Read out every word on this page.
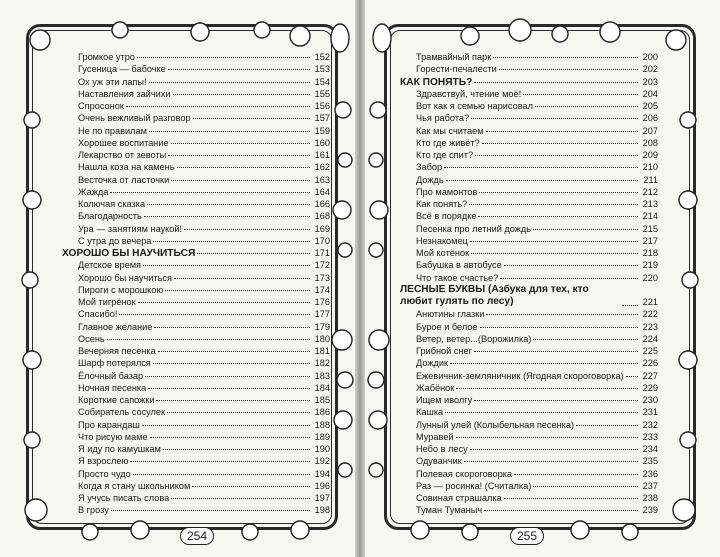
Громкое утро	152
Гусеница — бабочке	153
Ох уж эти лапы!	154
Наставления зайчихи	155
Спросонок	156
Очень вежливый разговор	157
Не по правилам	159
Хорошее воспитание	160
Лекарство от зевоты	161
Нашла коза на камень	162
Весточка от ласточки	163
Жажда	164
Колючая сказка	166
Благодарность	168
Ура — занятиям наукой!	169
С утра до вечера	170
ХОРОШО БЫ НАУЧИТЬСЯ	171
Детское время	172
Хорошо бы научиться	173
Пироги с морошкою	174
Мой тигрёнок	176
Спасибо!	177
Главное желание	179
Осень	180
Вечерняя песенка	181
Шарф потерялся	182
Ёлочный базар	183
Ночная песенка	184
Короткие сапожки	185
Собиратель сосулек	186
Про карандаш	188
Что рисую маме	189
Я иду по камушкам	190
Я взрослею	192
Просто чудо	194
Когда я стану школьником	196
Я учусь писать слова	197
В грозу	198
Трамвайный парк	200
Горести-печалести	202
КАК ПОНЯТЬ?	203
Здравствуй, чтение моё!	204
Вот как я семью нарисовал	205
Чья работа?	206
Как мы считаем	207
Кто где живёт?	208
Кто где спит?	209
Забор	210
Дождь	211
Про мамонтов	212
Как понять?	213
Всё в порядке	214
Песенка про летний дождь	215
Незнакомец	217
Мой котёнок	218
Бабушка в автобусе	219
Что такое счастье?	220
ЛЕСНЫЕ БУКВЫ (Азбука для тех, кто любит гулять по лесу)	221
Анютины глазки	222
Бурое и белое	223
Ветер, ветер...(Ворожилка)	224
Грибной снег	225
Дождик	226
Ежевичник-земляничник (Ягодная скороговорка) 227
Жабёнок	229
Ищем иволгу	230
Кашка	231
Лунный улей (Колыбельная песенка)	232
Муравей	233
Небо в лесу	234
Одуванчик	235
Полевая скороговорка	236
Раз — росинка! (Считалка)	237
Совиная страшалка	238
Туман Туманыч	239
254	255
